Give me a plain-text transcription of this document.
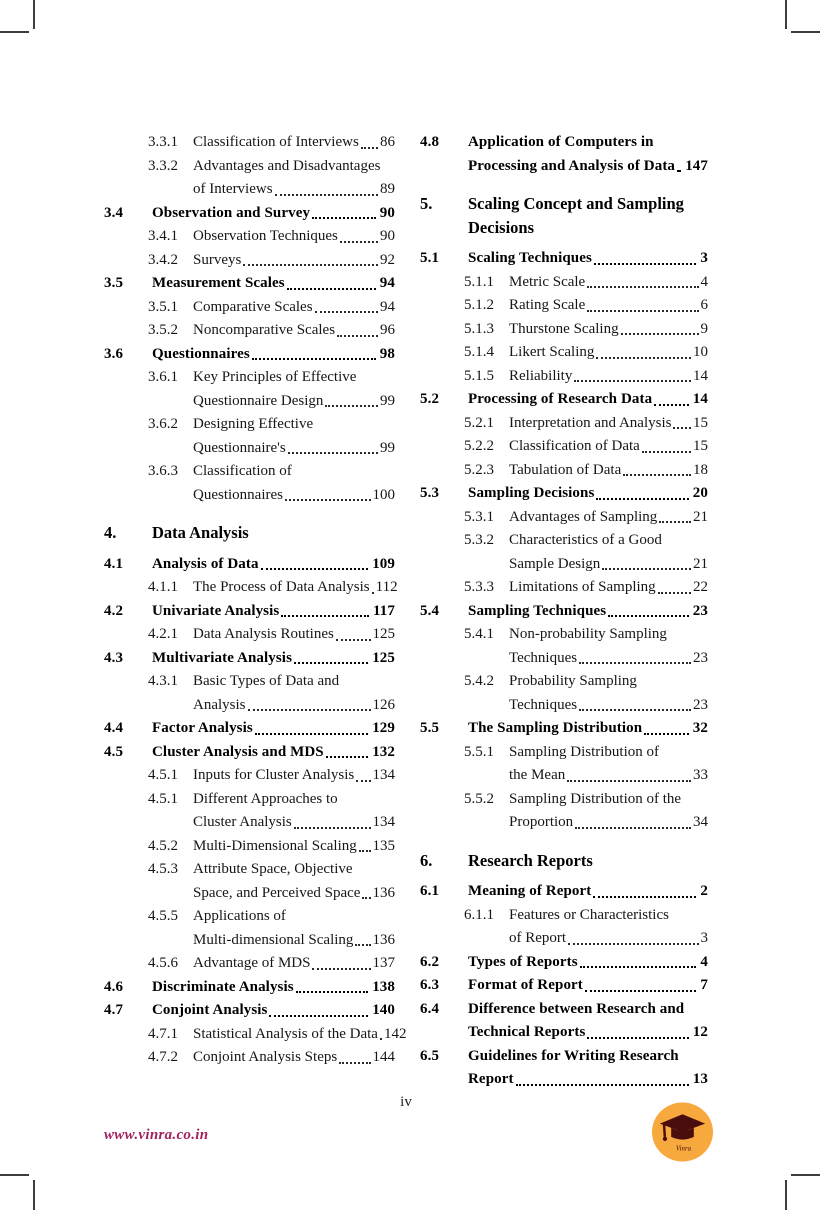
3.3.1	Classification of Interviews 86
3.3.2	Advantages and Disadvantages
of Interviews	89
3.4	Observation and Survey	90
3.4.1	Observation Techniques	90
3.4.2	Surveys	92
3.5	Measurement Scales	94
3.5.1	Comparative Scales	94
3.5.2	Noncomparative Scales	96
3.6	Questionnaires	98
3.6.1	Key Principles of Effective
Questionnaire Design	99
3.6.2	Designing Effective
Questionnaire's	99
3.6.3	Classification of
Questionnaires	100
4.	Data Analysis
4.1	Analysis of Data	109
4.1.1	The Process of Data Analysis 112
4.2	Univariate Analysis	117
4.2.1	Data Analysis Routines	125
4.3	Multivariate Analysis	125
4.3.1	Basic Types of Data and
Analysis	126
4.4	Factor Analysis	129
4.5	Cluster Analysis and MDS	132
4.5.1	Inputs for Cluster Analysis 134
4.5.1	Different Approaches to
Cluster Analysis	134
4.5.2	Multi-Dimensional Scaling 135
4.5.3	Attribute Space, Objective
Space, and Perceived Space 136
4.5.5	Applications of
Multi-dimensional Scaling 136
4.5.6	Advantage of MDS	137
4.6	Discriminate Analysis	138
4.7	Conjoint Analysis	140
4.7.1	Statistical Analysis of the Data 142
4.7.2	Conjoint Analysis Steps 144
4.8	Application of Computers in
Processing and Analysis of Data 147
5.	Scaling Concept and Sampling
Decisions
5.1	Scaling Techniques	3
5.1.1	Metric Scale	4
5.1.2	Rating Scale	6
5.1.3	Thurstone Scaling	9
5.1.4	Likert Scaling	10
5.1.5	Reliability	14
5.2	Processing of Research Data	14
5.2.1	Interpretation and Analysis 15
5.2.2	Classification of Data	15
5.2.3	Tabulation of Data	18
5.3	Sampling Decisions	20
5.3.1	Advantages of Sampling 21
5.3.2	Characteristics of a Good
Sample Design	21
5.3.3	Limitations of Sampling 22
5.4	Sampling Techniques	23
5.4.1	Non-probability Sampling
Techniques	23
5.4.2	Probability Sampling
Techniques	23
5.5	The Sampling Distribution	32
5.5.1	Sampling Distribution of
the Mean	33
5.5.2	Sampling Distribution of the
Proportion	34
6.	Research Reports
6.1	Meaning of Report	2
6.1.1	Features or Characteristics
of Report	3
6.2	Types of Reports	4
6.3	Format of Report	7
6.4	Difference between Research and
Technical Reports	12
6.5	Guidelines for Writing Research
Report	13
iv
www.vinra.co.in
Vinra
